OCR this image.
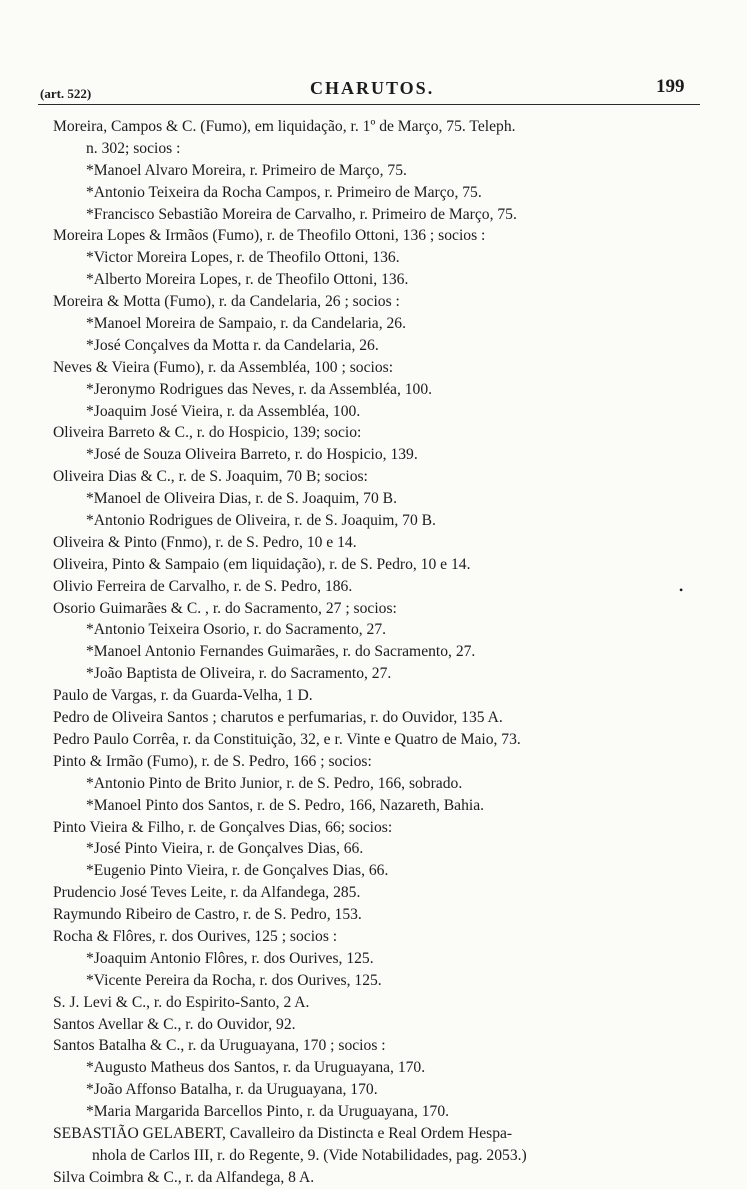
(art. 522)	CHARUTOS.	199
Moreira, Campos & C. (Fumo), em liquidação, r. 1º de Março, 75. Teleph.
n. 302; socios :
*Manoel Alvaro Moreira, r. Primeiro de Março, 75.
*Antonio Teixeira da Rocha Campos, r. Primeiro de Março, 75.
*Francisco Sebastião Moreira de Carvalho, r. Primeiro de Março, 75.
Moreira Lopes & Irmãos (Fumo), r. de Theofilo Ottoni, 136 ; socios :
*Victor Moreira Lopes, r. de Theofilo Ottoni, 136.
*Alberto Moreira Lopes, r. de Theofilo Ottoni, 136.
Moreira & Motta (Fumo), r. da Candelaria, 26 ; socios :
*Manoel Moreira de Sampaio, r. da Candelaria, 26.
*José Conçalves da Motta r. da Candelaria, 26.
Neves & Vieira (Fumo), r. da Assembléa, 100 ; socios:
*Jeronymo Rodrigues das Neves, r. da Assembléa, 100.
*Joaquim José Vieira, r. da Assembléa, 100.
Oliveira Barreto & C., r. do Hospicio, 139; socio:
*José de Souza Oliveira Barreto, r. do Hospicio, 139.
Oliveira Dias & C., r. de S. Joaquim, 70 B; socios:
*Manoel de Oliveira Dias, r. de S. Joaquim, 70 B.
*Antonio Rodrigues de Oliveira, r. de S. Joaquim, 70 B.
Oliveira & Pinto (Fnmo), r. de S. Pedro, 10 e 14.
Oliveira, Pinto & Sampaio (em liquidação), r. de S. Pedro, 10 e 14.
Olivio Ferreira de Carvalho, r. de S. Pedro, 186.	•
Osorio Guimarães & C. , r. do Sacramento, 27 ; socios:
*Antonio Teixeira Osorio, r. do Sacramento, 27.
*Manoel Antonio Fernandes Guimarães, r. do Sacramento, 27.
*João Baptista de Oliveira, r. do Sacramento, 27.
Paulo de Vargas, r. da Guarda-Velha, 1 D.
Pedro de Oliveira Santos ; charutos e perfumarias, r. do Ouvidor, 135 A.
Pedro Paulo Corrêa, r. da Constituição, 32, e r. Vinte e Quatro de Maio, 73.
Pinto & Irmão (Fumo), r. de S. Pedro, 166 ; socios:
*Antonio Pinto de Brito Junior, r. de S. Pedro, 166, sobrado.
*Manoel Pinto dos Santos, r. de S. Pedro, 166, Nazareth, Bahia.
Pinto Vieira & Filho, r. de Gonçalves Dias, 66; socios:
*José Pinto Vieira, r. de Gonçalves Dias, 66.
*Eugenio Pinto Vieira, r. de Gonçalves Dias, 66.
Prudencio José Teves Leite, r. da Alfandega, 285.
Raymundo Ribeiro de Castro, r. de S. Pedro, 153.
Rocha & Flôres, r. dos Ourives, 125 ; socios :
*Joaquim Antonio Flôres, r. dos Ourives, 125.
*Vicente Pereira da Rocha, r. dos Ourives, 125.
S. J. Levi & C., r. do Espirito-Santo, 2 A.
Santos Avellar & C., r. do Ouvidor, 92.
Santos Batalha & C., r. da Uruguayana, 170 ; socios :
*Augusto Matheus dos Santos, r. da Uruguayana, 170.
*João Affonso Batalha, r. da Uruguayana, 170.
*Maria Margarida Barcellos Pinto, r. da Uruguayana, 170.
SEBASTIÃO GELABERT, Cavalleiro da Distincta e Real Ordem Hespa-
nhola de Carlos III, r. do Regente, 9. (Vide Notabilidades, pag. 2053.)
Silva Coimbra & C., r. da Alfandega, 8 A.
